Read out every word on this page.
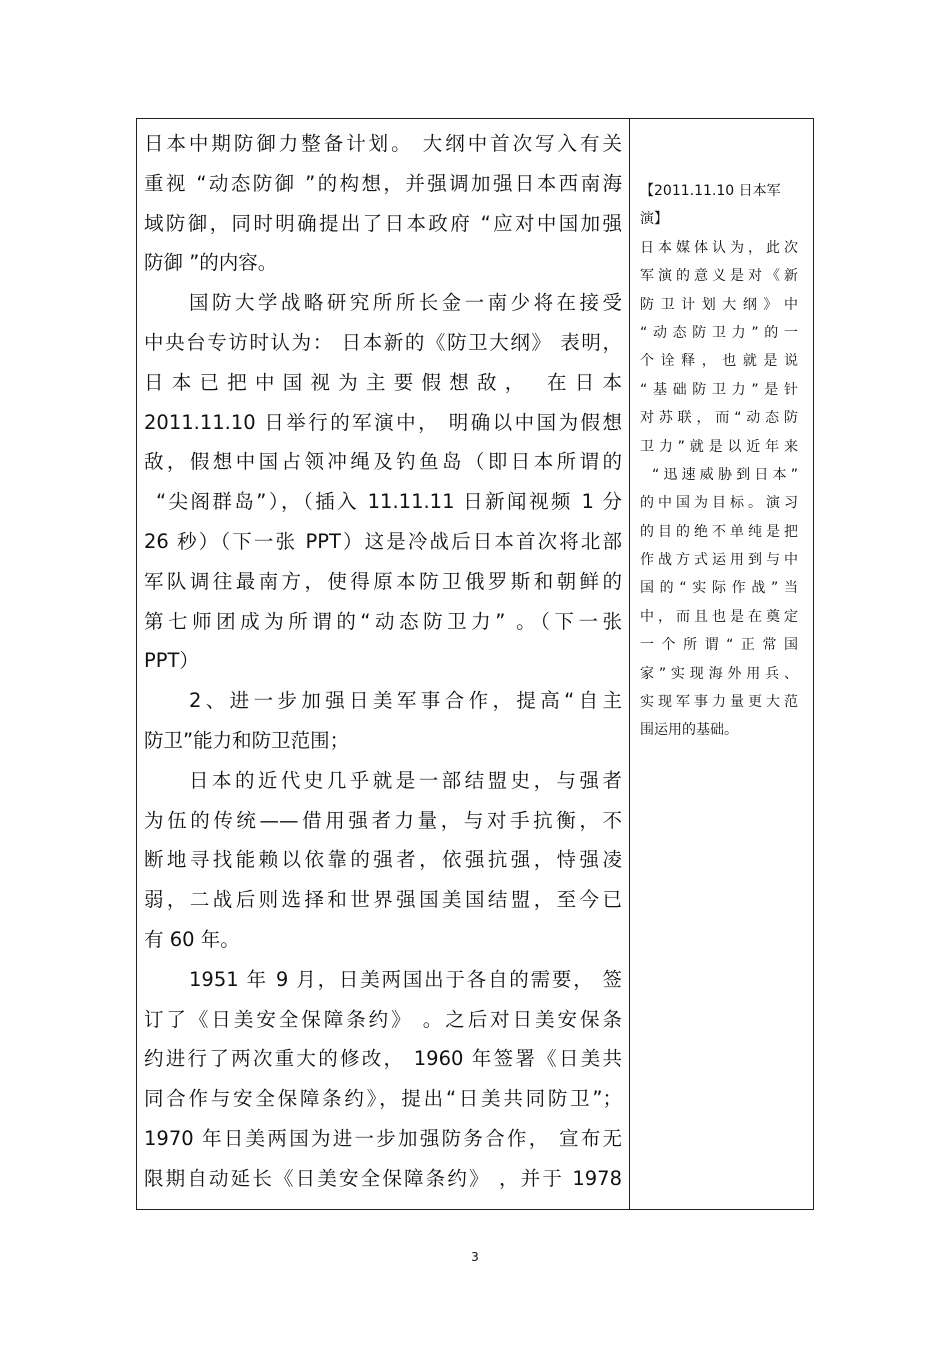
日本中期防御力整备计划。 大纲中首次写入有关
重视 “动态防御 ”的构想，并强调加强日本西南海
域防御，同时明确提出了日本政府 “应对中国加强
防御 ”的内容。
国防大学战略研究所所长金一南少将在接受
中央台专访时认为： 日本新的《防卫大纲》 表明，
日本已把中国视为主要假想敌， 在日本
2011.11.10 日举行的军演中， 明确以中国为假想
敌，假想中国占领冲绳及钓鱼岛（即日本所谓的
“尖阁群岛”），（插入 11.11.11 日新闻视频 1 分
26 秒）（下一张 PPT）这是冷战后日本首次将北部
军队调往最南方，使得原本防卫俄罗斯和朝鲜的
第七师团成为所谓的“动态防卫力” 。（下一张
PPT）
2、进一步加强日美军事合作，提高“自主
防卫”能力和防卫范围；
日本的近代史几乎就是一部结盟史，与强者
为伍的传统——借用强者力量，与对手抗衡，不
断地寻找能赖以依靠的强者，依强抗强，恃强凌
弱，二战后则选择和世界强国美国结盟，至今已
有 60 年。
1951 年 9 月，日美两国出于各自的需要， 签
订了《日美安全保障条约》 。之后对日美安保条
约进行了两次重大的修改， 1960 年签署《日美共
同合作与安全保障条约》，提出“日美共同防卫”；
1970 年日美两国为进一步加强防务合作， 宣布无
限期自动延长《日美安全保障条约》 ，并于 1978
【2011.11.10 日本军
演】
日本媒体认为，此次
军演的意义是对《新
防卫计划大纲》中
“动态防卫力”的一
个诠释，也就是说
“基础防卫力”是针
对苏联，而“动态防
卫力”就是以近年来
“迅速威胁到日本”
的中国为目标。演习
的目的绝不单纯是把
作战方式运用到与中
国的“实际作战”当
中，而且也是在奠定
一个所谓“正常国
家”实现海外用兵、
实现军事力量更大范
围运用的基础。
3
